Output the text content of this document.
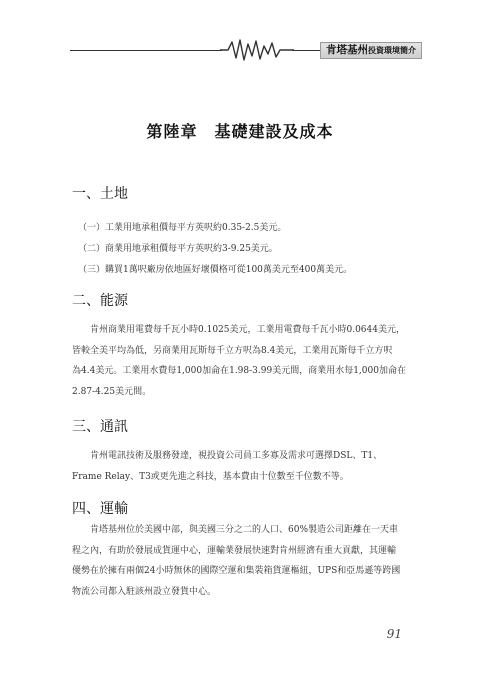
肯塔基州投資環境簡介
第陸章　基礎建設及成本
一、土地
（一）工業用地承租價每平方英呎約0.35-2.5美元。
（二）商業用地承租價每平方英呎約3-9.25美元。
（三）購買1萬呎廠房依地區好壞價格可從100萬美元至400萬美元。
二、能源
肯州商業用電費每千瓦小時0.1025美元，工業用電費每千瓦小時0.0644美元，
皆較全美平均為低，另商業用瓦斯每千立方呎為8.4美元，工業用瓦斯每千立方呎
為4.4美元。工業用水費每1,000加侖在1.98-3.99美元間，商業用水每1,000加侖在
2.87-4.25美元間。
三、通訊
肯州電訊技術及服務發達，視投資公司員工多寡及需求可選擇DSL、T1、
Frame Relay、T3或更先進之科技，基本費由十位數至千位數不等。
四、運輸
肯塔基州位於美國中部，與美國三分之二的人口、60%製造公司距離在一天車
程之內，有助於發展成貨運中心，運輸業發展快速對肯州經濟有重大貢獻，其運輸
優勢在於擁有兩個24小時無休的國際空運和集裝箱貨運樞紐，UPS和亞馬遜等跨國
物流公司都入駐該州設立發貨中心。
91
